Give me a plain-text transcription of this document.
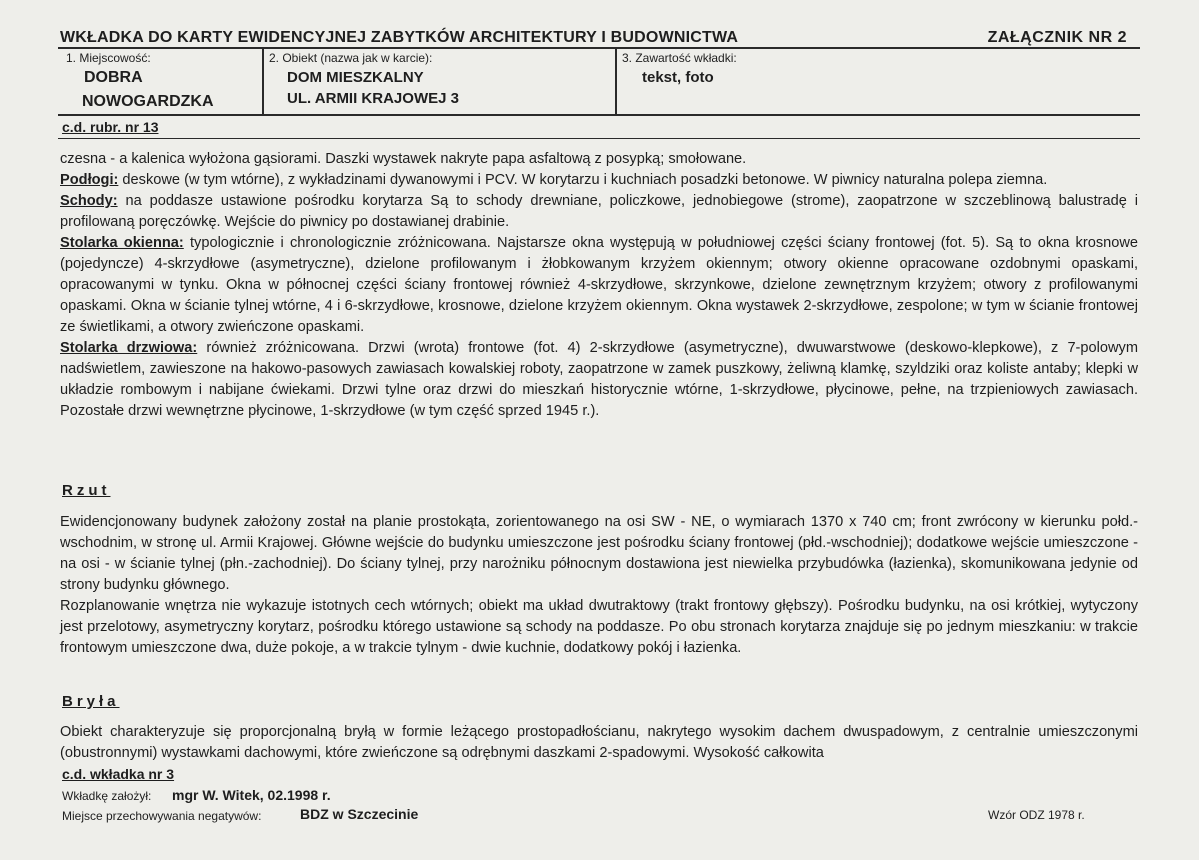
WKŁADKA DO KARTY EWIDENCYJNEJ ZABYTKÓW ARCHITEKTURY I BUDOWNICTWA	ZAŁĄCZNIK NR 2
1. Miejscowość:
DOBRA
NOWOGARDZKA
2. Obiekt (nazwa jak w karcie):
DOM MIESZKALNY
UL. ARMII KRAJOWEJ 3
3. Zawartość wkładki:
tekst, foto
c.d. rubr. nr 13

czesna - a kalenica wyłożona gąsiorami. Daszki wystawek nakryte papa asfaltową z posypką; smołowane.

Podłogi: deskowe (w tym wtórne), z wykładzinami dywanowymi i PCV. W korytarzu i kuchniach posadzki betonowe. W piwnicy naturalna polepa ziemna.

Schody: na poddasze ustawione pośrodku korytarza Są to schody drewniane, policzkowe, jednobiegowe (strome), zaopatrzone w szczeblinową balustradę i profilowaną poręczówkę. Wejście do piwnicy po dostawianej drabinie.

Stolarka okienna: typologicznie i chronologicznie zróżnicowana. Najstarsze okna występują w południowej części ściany frontowej (fot. 5). Są to okna krosnowe (pojedyncze) 4-skrzydłowe (asymetryczne), dzielone profilowanym i żłobkowanym krzyżem okiennym; otwory okienne opracowane ozdobnymi opaskami, opracowanymi w tynku. Okna w północnej części ściany frontowej również 4-skrzydłowe, skrzynkowe, dzielone zewnętrznym krzyżem; otwory z profilowanymi opaskami. Okna w ścianie tylnej wtórne, 4 i 6-skrzydłowe, krosnowe, dzielone krzyżem okiennym. Okna wystawek 2-skrzydłowe, zespolone; w tym w ścianie frontowej ze świetlikami, a otwory zwieńczone opaskami.

Stolarka drzwiowa: również zróżnicowana. Drzwi (wrota) frontowe (fot. 4) 2-skrzydłowe (asymetryczne), dwuwarstwowe (deskowo-klepkowe), z 7-polowym nadświetlem, zawieszone na hakowo-pasowych zawiasach kowalskiej roboty, zaopatrzone w zamek puszkowy, żeliwną klamkę, szyldziki oraz koliste antaby; klepki w układzie rombowym i nabijane ćwiekami. Drzwi tylne oraz drzwi do mieszkań historycznie wtórne, 1-skrzydłowe, płycinowe, pełne, na trzpieniowych zawiasach. Pozostałe drzwi wewnętrzne płycinowe, 1-skrzydłowe (w tym część sprzed 1945 r.).

Rzut

Ewidencjonowany budynek założony został na planie prostokąta, zorientowanego na osi SW - NE, o wymiarach 1370 x 740 cm; front zwrócony w kierunku połd.-wschodnim, w stronę ul. Armii Krajowej. Główne wejście do budynku umieszczone jest pośrodku ściany frontowej (płd.-wschodniej); dodatkowe wejście umieszczone - na osi - w ścianie tylnej (płn.-zachodniej). Do ściany tylnej, przy narożniku północnym dostawiona jest niewielka przybudówka (łazienka), skomunikowana jedynie od strony budynku głównego.

Rozplanowanie wnętrza nie wykazuje istotnych cech wtórnych; obiekt ma układ dwutraktowy (trakt frontowy głębszy). Pośrodku budynku, na osi krótkiej, wytyczony jest przelotowy, asymetryczny korytarz, pośrodku którego ustawione są schody na poddasze. Po obu stronach korytarza znajduje się po jednym mieszkaniu: w trakcie frontowym umieszczone dwa, duże pokoje, a w trakcie tylnym - dwie kuchnie, dodatkowy pokój i łazienka.

Bryła

Obiekt charakteryzuje się proporcjonalną bryłą w formie leżącego prostopadłościanu, nakrytego wysokim dachem dwuspadowym, z centralnie umieszczonymi (obustronnymi) wystawkami dachowymi, które zwieńczone są odrębnymi daszkami 2-spadowymi. Wysokość całkowita

c.d. wkładka nr 3
Wkładkę założył: mgr W. Witek, 02.1998 r.
Miejsce przechowywania negatywów:	BDZ w Szczecinie	Wzór ODZ 1978 r.
